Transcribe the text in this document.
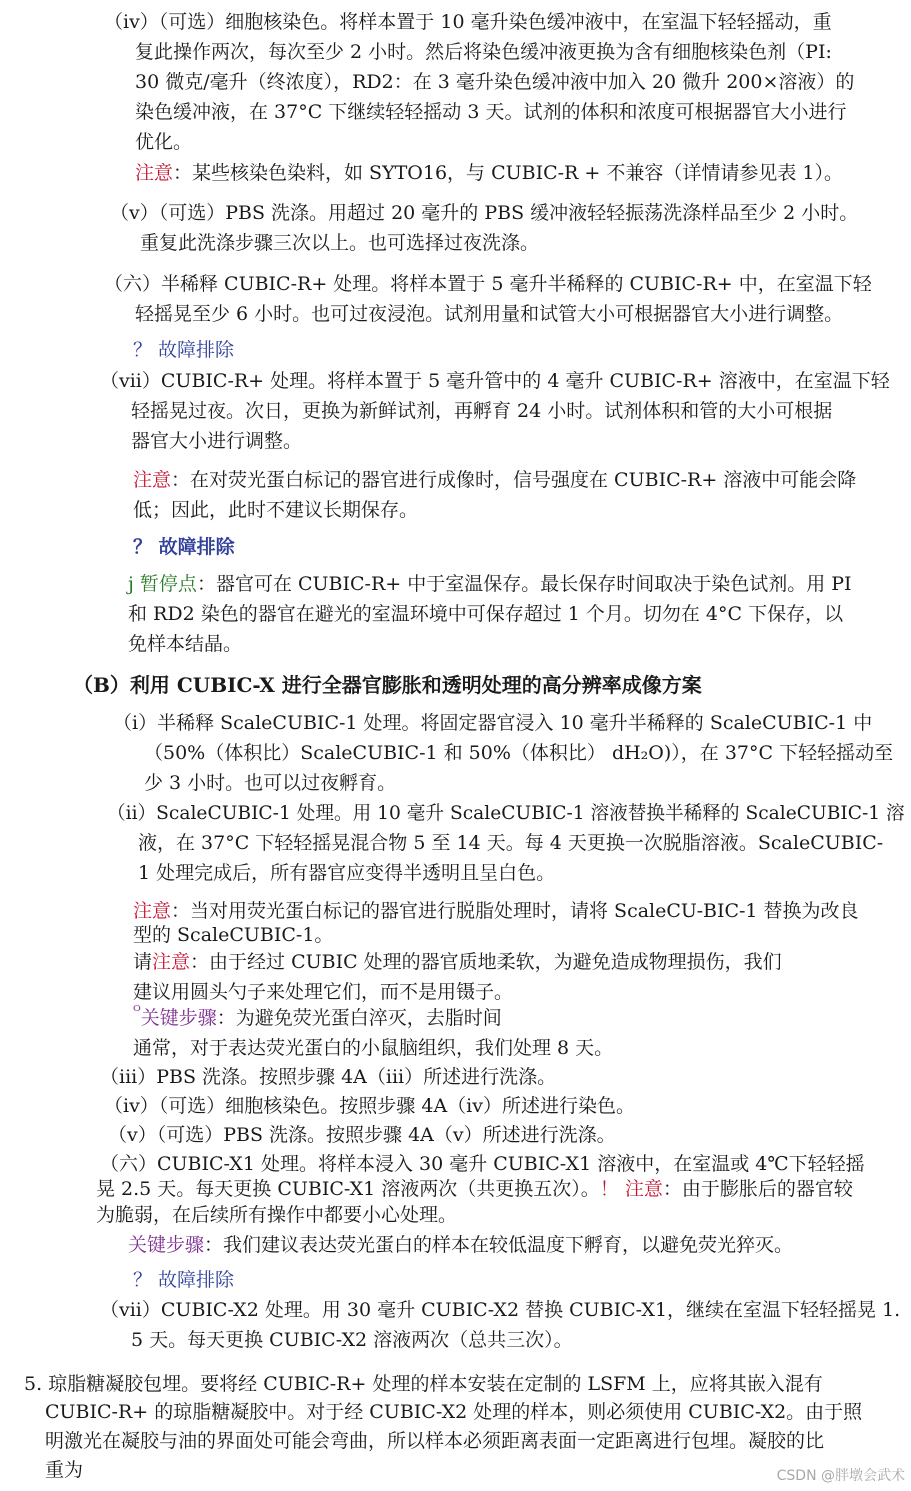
（iv）（可选）细胞核染色。将样本置于 10 毫升染色缓冲液中，在室温下轻轻摇动，重
复此操作两次，每次至少 2 小时。然后将染色缓冲液更换为含有细胞核染色剂（PI:
30 微克/毫升（终浓度），RD2：在 3 毫升染色缓冲液中加入 20 微升 200×溶液）的
染色缓冲液，在 37°C 下继续轻轻摇动 3 天。试剂的体积和浓度可根据器官大小进行
优化。
注意：某些核染色染料，如 SYTO16，与 CUBIC-R + 不兼容（详情请参见表 1）。
（v）（可选）PBS 洗涤。用超过 20 毫升的 PBS 缓冲液轻轻振荡洗涤样品至少 2 小时。
重复此洗涤步骤三次以上。也可选择过夜洗涤。
（六）半稀释 CUBIC-R+ 处理。将样本置于 5 毫升半稀释的 CUBIC-R+ 中，在室温下轻
轻摇晃至少 6 小时。也可过夜浸泡。试剂用量和试管大小可根据器官大小进行调整。
？ 故障排除
（vii）CUBIC-R+ 处理。将样本置于 5 毫升管中的 4 毫升 CUBIC-R+ 溶液中，在室温下轻
轻摇晃过夜。次日，更换为新鲜试剂，再孵育 24 小时。试剂体积和管的大小可根据
器官大小进行调整。
注意：在对荧光蛋白标记的器官进行成像时，信号强度在 CUBIC-R+ 溶液中可能会降
低；因此，此时不建议长期保存。
？ 故障排除
j 暂停点：器官可在 CUBIC-R+ 中于室温保存。最长保存时间取决于染色试剂。用 PI
和 RD2 染色的器官在避光的室温环境中可保存超过 1 个月。切勿在 4°C 下保存，以
免样本结晶。
（B）利用 CUBIC-X 进行全器官膨胀和透明处理的高分辨率成像方案
（i）半稀释 ScaleCUBIC-1 处理。将固定器官浸入 10 毫升半稀释的 ScaleCUBIC-1 中
（50%（体积比）ScaleCUBIC-1 和 50%（体积比） dH₂O)），在 37°C 下轻轻摇动至
少 3 小时。也可以过夜孵育。
（ii）ScaleCUBIC-1 处理。用 10 毫升 ScaleCUBIC-1 溶液替换半稀释的 ScaleCUBIC-1 溶
液，在 37°C 下轻轻摇晃混合物 5 至 14 天。每 4 天更换一次脱脂溶液。ScaleCUBIC-
1 处理完成后，所有器官应变得半透明且呈白色。
注意：当对用荧光蛋白标记的器官进行脱脂处理时，请将 ScaleCU-BIC-1 替换为改良
型的 ScaleCUBIC-1。
请注意：由于经过 CUBIC 处理的器官质地柔软，为避免造成物理损伤，我们
建议用圆头勺子来处理它们，而不是用镊子。
$^ᴼ$关键步骤：为避免荧光蛋白淬灭，去脂时间
通常，对于表达荧光蛋白的小鼠脑组织，我们处理 8 天。
（iii）PBS 洗涤。按照步骤 4A（iii）所述进行洗涤。
（iv）（可选）细胞核染色。按照步骤 4A（iv）所述进行染色。
（v）（可选）PBS 洗涤。按照步骤 4A（v）所述进行洗涤。
（六）CUBIC-X1 处理。将样本浸入 30 毫升 CUBIC-X1 溶液中，在室温或 4℃下轻轻摇
晃 2.5 天。每天更换 CUBIC-X1 溶液两次（共更换五次）。！ 注意：由于膨胀后的器官较
为脆弱，在后续所有操作中都要小心处理。
关键步骤：我们建议表达荧光蛋白的样本在较低温度下孵育，以避免荧光猝灭。
？ 故障排除
（vii）CUBIC-X2 处理。用 30 毫升 CUBIC-X2 替换 CUBIC-X1，继续在室温下轻轻摇晃 1.
5 天。每天更换 CUBIC-X2 溶液两次（总共三次）。
5. 琼脂糖凝胶包埋。要将经 CUBIC-R+ 处理的样本安装在定制的 LSFM 上，应将其嵌入混有
CUBIC-R+ 的琼脂糖凝胶中。对于经 CUBIC-X2 处理的样本，则必须使用 CUBIC-X2。由于照
明激光在凝胶与油的界面处可能会弯曲，所以样本必须距离表面一定距离进行包埋。凝胶的比
重为	CSDN @胖墩会武术
